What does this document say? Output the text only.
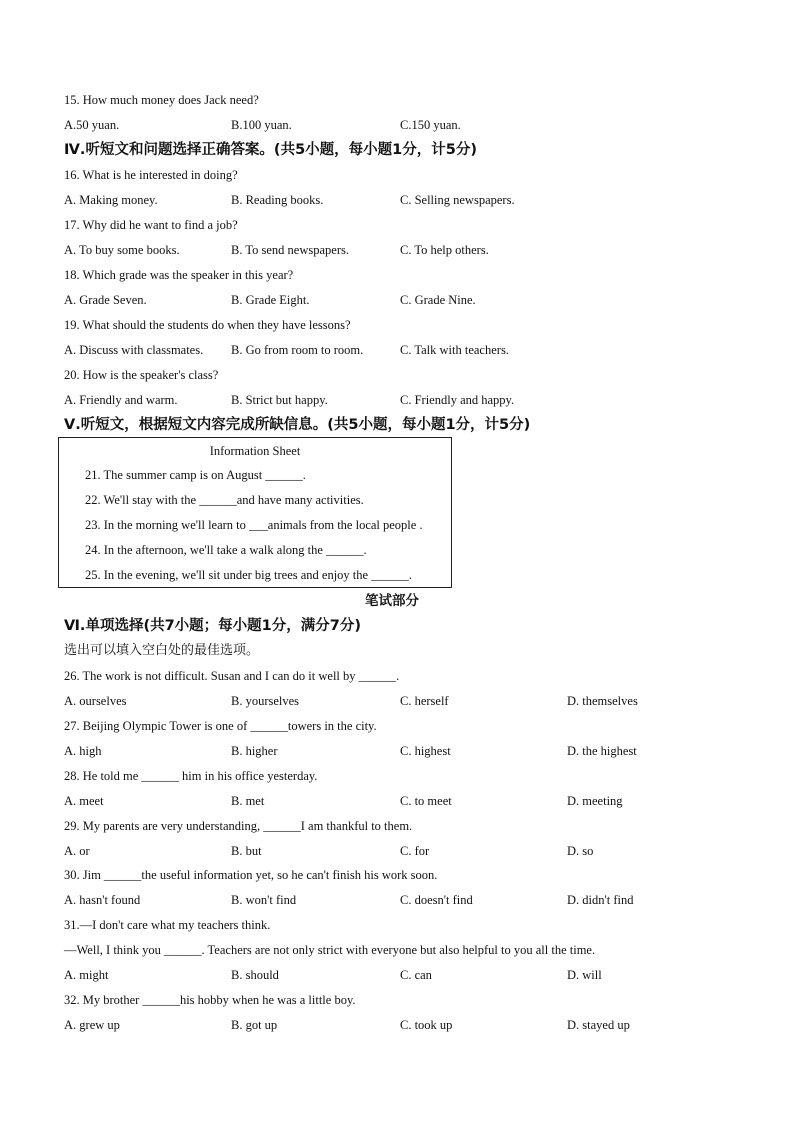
15. How much money does Jack need?
A.50 yuan.	B.100 yuan.	C.150 yuan.
Ⅳ.听短文和问题选择正确答案。(共5小题，每小题1分，计5分)
16. What is he interested in doing?
A. Making money.	B. Reading books.	C. Selling newspapers.
17. Why did he want to find a job?
A. To buy some books.	B. To send newspapers.	C. To help others.
18. Which grade was the speaker in this year?
A. Grade Seven.	B. Grade Eight.	C. Grade Nine.
19. What should the students do when they have lessons?
A. Discuss with classmates. B. Go from room to room.	C. Talk with teachers.
20. How is the speaker's class?
A. Friendly and warm.	B. Strict but happy.	C. Friendly and happy.
Ⅴ.听短文，根据短文内容完成所缺信息。(共5小题，每小题1分，计5分)
Information Sheet
21. The summer camp is on August ______.
22. We'll stay with the ______and have many activities.
23. In the morning we'll learn to ___animals from the local people .
24. In the afternoon, we'll take a walk along the ______.
25. In the evening, we'll sit under big trees and enjoy the ______.
笔试部分
Ⅵ.单项选择(共7小题；每小题1分，满分7分)
选出可以填入空白处的最佳选项。
26. The work is not difficult. Susan and I can do it well by ______.
A. ourselves	B. yourselves	C. herself	D. themselves
27. Beijing Olympic Tower is one of ______towers in the city.
A. high	B. higher	C. highest	D. the highest
28. He told me ______ him in his office yesterday.
A. meet	B. met	C. to meet	D. meeting
29. My parents are very understanding, ______I am thankful to them.
A. or	B. but	C. for	D. so
30. Jim ______the useful information yet, so he can't finish his work soon.
A. hasn't found	B. won't find	C. doesn't find	D. didn't find
31.—I don't care what my teachers think.
—Well, I think you ______. Teachers are not only strict with everyone but also helpful to you all the time.
A. might	B. should	C. can	D. will
32. My brother ______his hobby when he was a little boy.
A. grew up	B. got up	C. took up	D. stayed up
